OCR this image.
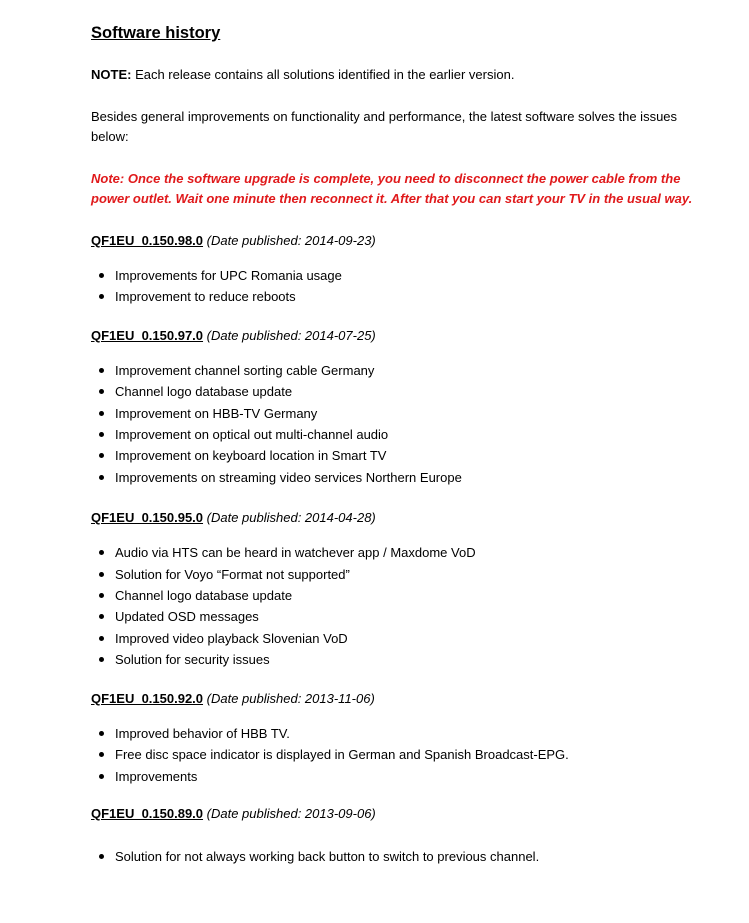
Software history
NOTE: Each release contains all solutions identified in the earlier version.
Besides general improvements on functionality and performance, the latest software solves the issues below:
Note: Once the software upgrade is complete, you need to disconnect the power cable from the power outlet. Wait one minute then reconnect it. After that you can start your TV in the usual way.
QF1EU_0.150.98.0 (Date published: 2014-09-23)
Improvements for UPC Romania usage
Improvement to reduce reboots
QF1EU_0.150.97.0 (Date published: 2014-07-25)
Improvement channel sorting cable Germany
Channel logo database update
Improvement on HBB-TV Germany
Improvement on optical out multi-channel audio
Improvement on keyboard location in Smart TV
Improvements on streaming video services Northern Europe
QF1EU_0.150.95.0 (Date published: 2014-04-28)
Audio via HTS can be heard in watchever app / Maxdome VoD
Solution for Voyo “Format not supported”
Channel logo database update
Updated OSD messages
Improved video playback Slovenian VoD
Solution for security issues
QF1EU_0.150.92.0 (Date published: 2013-11-06)
Improved behavior of HBB TV.
Free disc space indicator is displayed in German and Spanish Broadcast-EPG.
Improvements
QF1EU_0.150.89.0 (Date published: 2013-09-06)
Solution for not always working back button to switch to previous channel.
